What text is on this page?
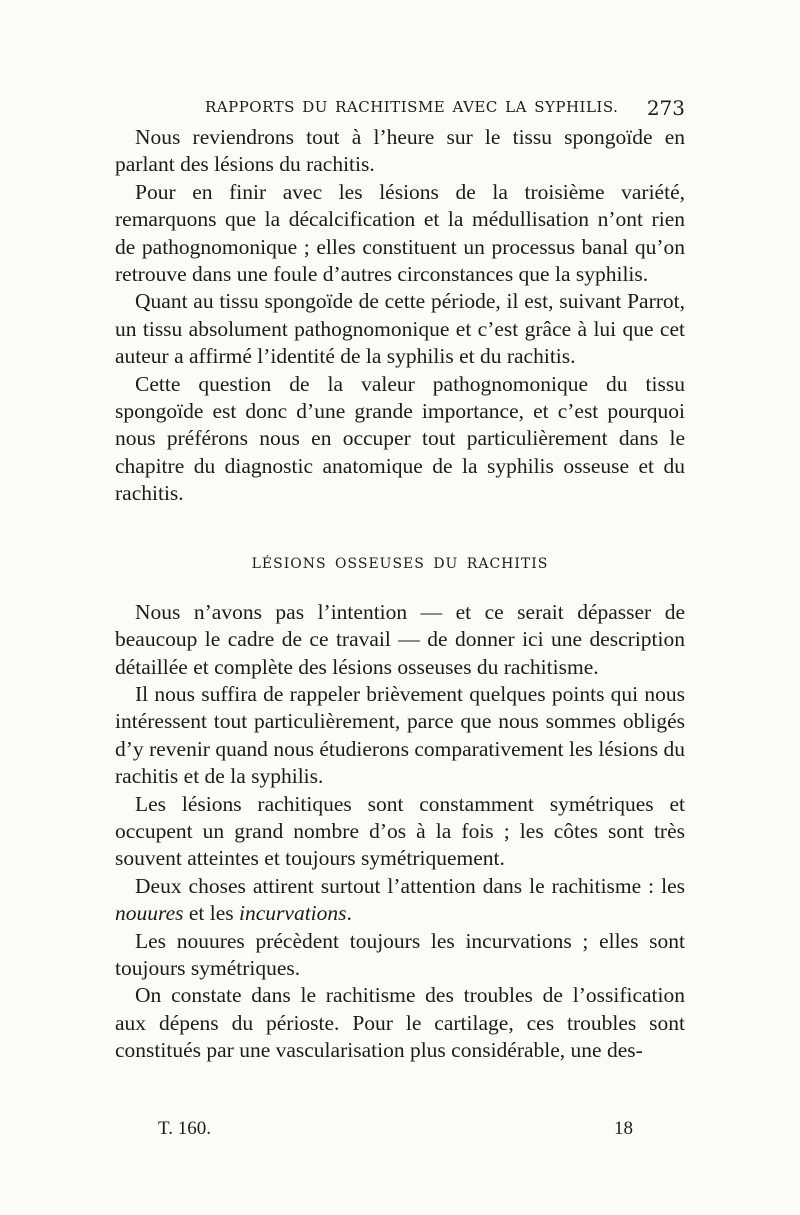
RAPPORTS DU RACHITISME AVEC LA SYPHILIS. 273

Nous reviendrons tout à l’heure sur le tissu spongoïde en parlant des lésions du rachitis.

Pour en finir avec les lésions de la troisième variété, remarquons que la décalcification et la médullisation n’ont rien de pathognomonique ; elles constituent un processus banal qu’on retrouve dans une foule d’autres circonstances que la syphilis.

Quant au tissu spongoïde de cette période, il est, suivant Parrot, un tissu absolument pathognomonique et c’est grâce à lui que cet auteur a affirmé l’identité de la syphilis et du rachitis.

Cette question de la valeur pathognomonique du tissu spongoïde est donc d’une grande importance, et c’est pourquoi nous préférons nous en occuper tout particulièrement dans le chapitre du diagnostic anatomique de la syphilis osseuse et du rachitis.

LÉSIONS OSSEUSES DU RACHITIS

Nous n’avons pas l’intention — et ce serait dépasser de beaucoup le cadre de ce travail — de donner ici une description détaillée et complète des lésions osseuses du rachitisme.

Il nous suffira de rappeler brièvement quelques points qui nous intéressent tout particulièrement, parce que nous sommes obligés d’y revenir quand nous étudierons comparativement les lésions du rachitis et de la syphilis.

Les lésions rachitiques sont constamment symétriques et occupent un grand nombre d’os à la fois ; les côtes sont très souvent atteintes et toujours symétriquement.

Deux choses attirent surtout l’attention dans le rachitisme : les nouures et les incurvations.

Les nouures précèdent toujours les incurvations ; elles sont toujours symétriques.

On constate dans le rachitisme des troubles de l’ossification aux dépens du périoste. Pour le cartilage, ces troubles sont constitués par une vascularisation plus considérable, une des-

T. 160.	18
